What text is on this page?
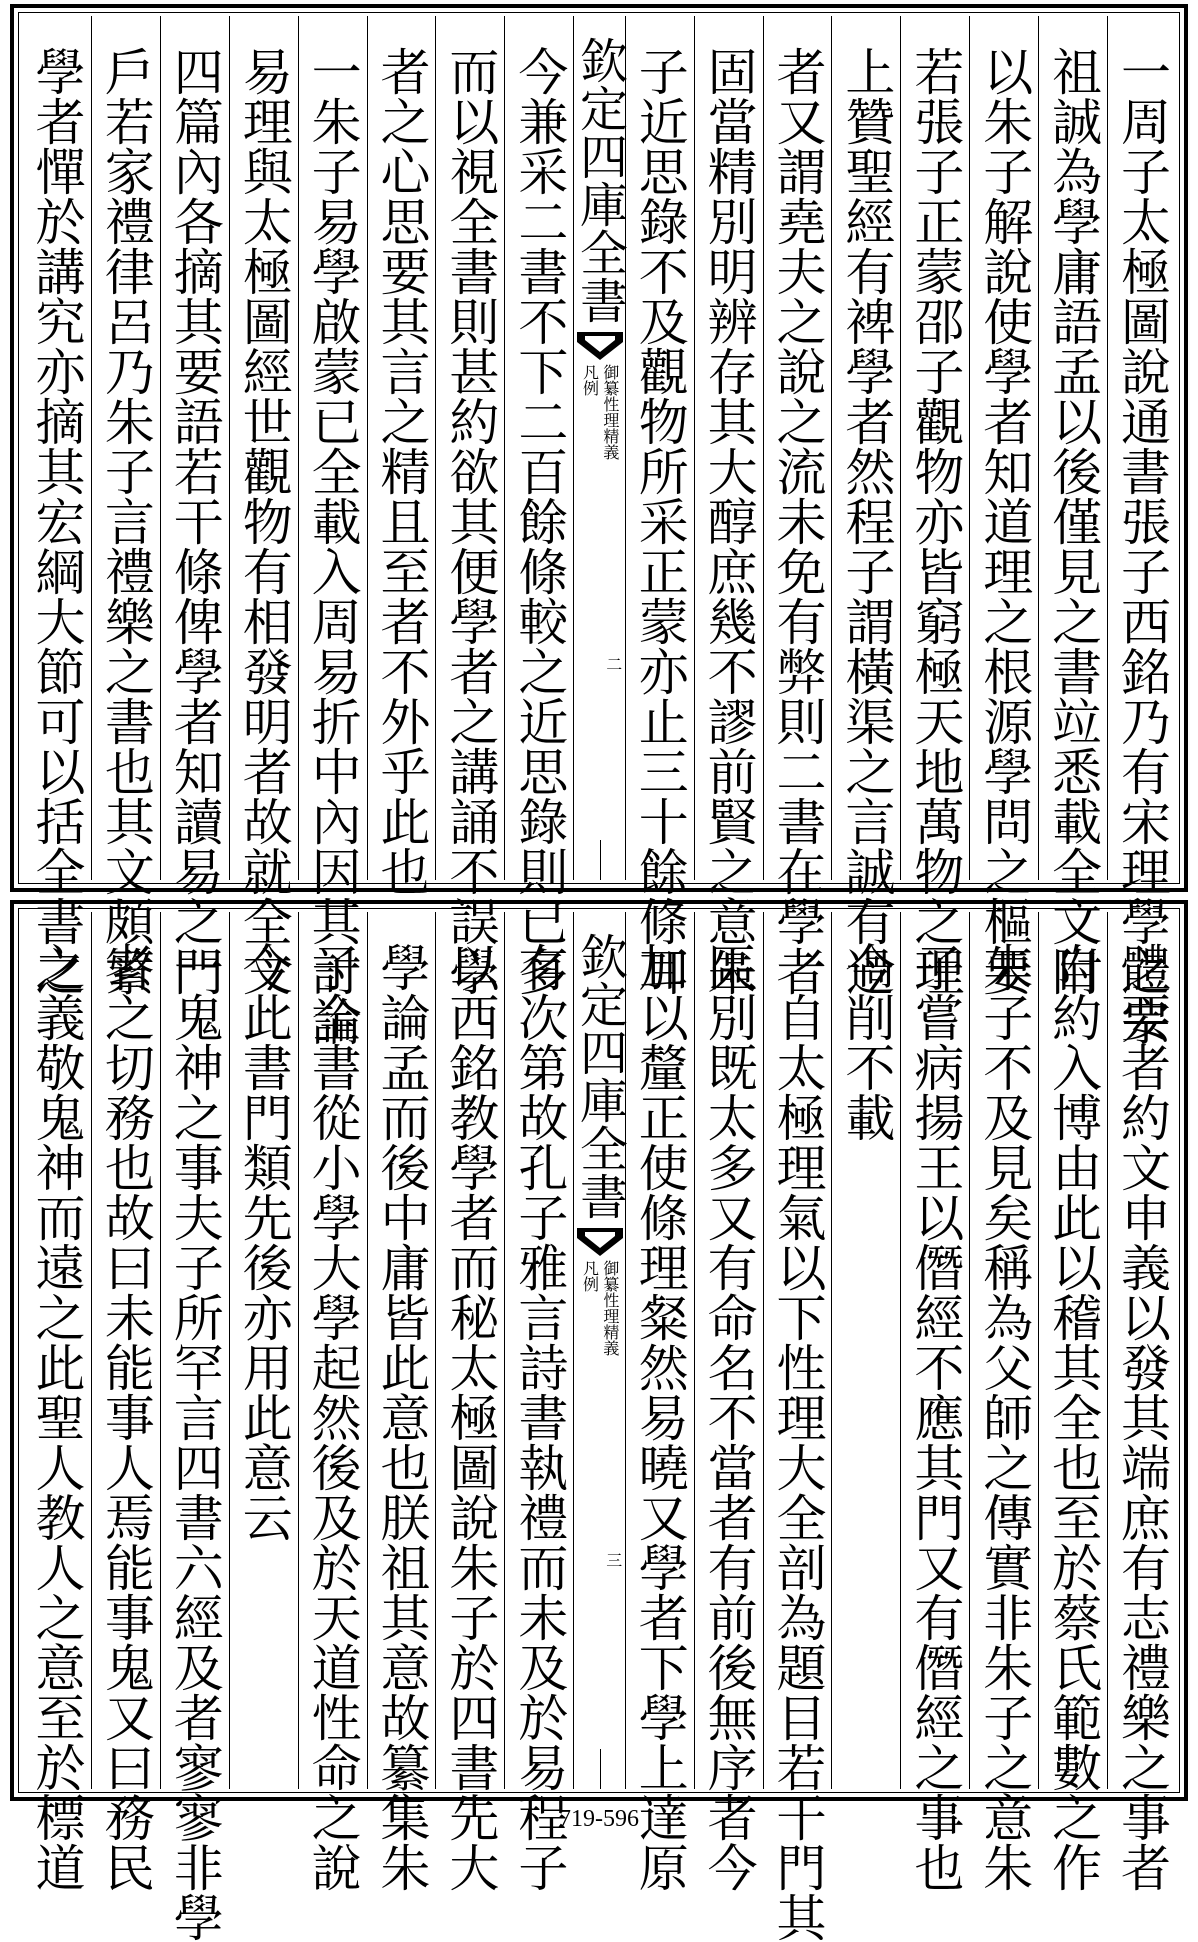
一周子太極圖說通書張子西銘乃有宋理學之宗
祖誠為學庸語孟以後僅見之書竝悉載全文附
以朱子解說使學者知道理之根源學問之樞要
若張子正蒙邵子觀物亦皆窮極天地萬物之理
上贊聖經有裨學者然程子謂橫渠之言誠有過
者又謂堯夫之說之流未免有弊則二書在學者
固當精別明辨存其大醇庶幾不謬前賢之意朱
子近思錄不及觀物所采正蒙亦止三十餘條耳
欽定四庫全書
御纂性理精義
凡例
二
今兼采二書不下二百餘條較之近思錄則已多
而以視全書則甚約欲其便學者之講誦不誤學
者之心思要其言之精且至者不外乎此也
一朱子易學啟蒙已全載入周易折中內因其討論
易理與太極圖經世觀物有相發明者故就全文
四篇內各摘其要語若干條俾學者知讀易之門
戶若家禮律呂乃朱子言禮樂之書也其文頗繁
學者憚於講究亦摘其宏綱大節可以括全書之
體要者約文申義以發其端庶有志禮樂之事者
自約入博由此以稽其全也至於蔡氏範數之作
朱子不及見矣稱為父師之傳實非朱子之意朱
子嘗病揚王以僭經不應其門又有僭經之事也
今削不載
一自太極理氣以下性理大全剖為題目若干門其
區別既太多又有命名不當者有前後無序者今
加以釐正使條理粲然易曉又學者下學上達原
欽定四庫全書
御纂性理精義
凡例
三
有次第故孔子雅言詩書執禮而未及於易程子
以西銘教學者而秘太極圖說朱子於四書先大
學論孟而後中庸皆此意也朕祖其意故纂集朱
子全書從小學大學起然後及於天道性命之說
今此書門類先後亦用此意云
一鬼神之事夫子所罕言四書六經及者寥寥非學
者之切務也故曰未能事人焉能事鬼又曰務民
之義敬鬼神而遠之此聖人教人之意至於標道	719-596
